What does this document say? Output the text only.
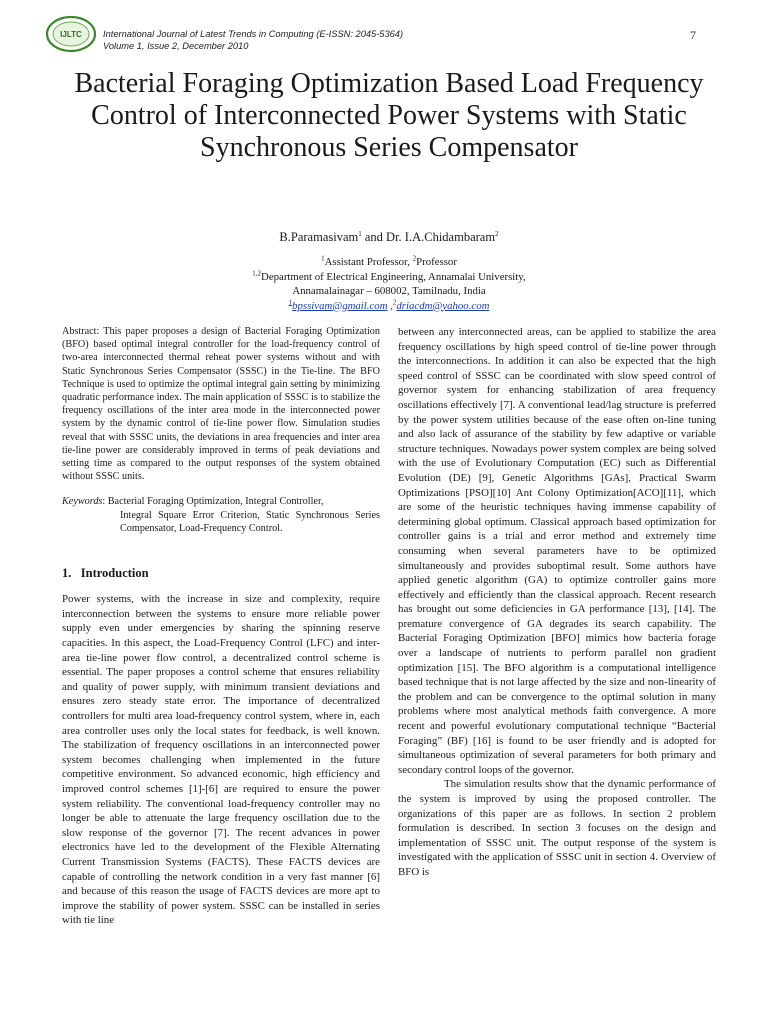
IJLTC International Journal of Latest Trends in Computing (E-ISSN: 2045-5364)
Volume 1, Issue 2, December 2010
7
Bacterial Foraging Optimization Based Load Frequency Control of Interconnected Power Systems with Static Synchronous Series Compensator
B.Paramasivam$^1$ and Dr. I.A.Chidambaram$^2$
$^1$Assistant Professor, $^2$Professor
$^{1,2}$Department of Electrical Engineering, Annamalai University,
Annamalainagar – 608002, Tamilnadu, India
$^1$bpssivam@gmail.com ,$^2$driacdm@yahoo.com

Abstract: This paper proposes a design of Bacterial Foraging Optimization (BFO) based optimal integral controller for the load-frequency control of two-area interconnected thermal reheat power systems without and with Static Synchronous Series Compensator (SSSC) in the Tie-line. The BFO Technique is used to optimize the optimal integral gain setting by minimizing quadratic performance index. The main application of SSSC is to stabilize the frequency oscillations of the inter area mode in the interconnected power system by the dynamic control of tie-line power flow. Simulation studies reveal that with SSSC units, the deviations in area frequencies and inter area tie-line power are considerably improved in terms of peak deviations and setting time as compared to the output responses of the system obtained without SSSC units.

Keywords: Bacterial Foraging Optimization, Integral Controller,
Integral Square Error Criterion, Static Synchronous Series Compensator, Load-Frequency Control.

1.   Introduction

Power systems, with the increase in size and complexity, require interconnection between the systems to ensure more reliable power supply even under emergencies by sharing the spinning reserve capacities. In this aspect, the Load-Frequency Control (LFC) and inter- area tie-line power flow control, a decentralized control scheme is essential. The paper proposes a control scheme that ensures reliability and quality of power supply, with minimum transient deviations and ensures zero steady state error. The importance of decentralized controllers for multi area load-frequency control system, where in, each area controller uses only the local states for feedback, is well known. The stabilization of frequency oscillations in an interconnected power system becomes challenging when implemented in the future competitive environment. So advanced economic, high efficiency and improved control schemes [1]-[6] are required to ensure the power system reliability. The conventional load-frequency controller may no longer be able to attenuate the large frequency oscillation due to the slow response of the governor [7]. The recent advances in power electronics have led to the development of the Flexible Alternating Current Transmission Systems (FACTS). These FACTS devices are capable of controlling the network condition in a very fast manner [6] and because of this reason the usage of FACTS devices are more apt to improve the stability of power system. SSSC can be installed in series with tie line

between any interconnected areas, can be applied to stabilize the area frequency oscillations by high speed control of tie-line power through the interconnections. In addition it can also be expected that the high speed control of SSSC can be coordinated with slow speed control of governor system for enhancing stabilization of area frequency oscillations effectively [7]. A conventional lead/lag structure is preferred by the power system utilities because of the ease often on-line tuning and also lack of assurance of the stability by few adaptive or variable structure techniques. Nowadays power system complex are being solved with the use of Evolutionary Computation (EC) such as Differential Evolution (DE) [9], Genetic Algorithms [GAs], Practical Swarm Optimizations [PSO][10] Ant Colony Optimization[ACO][11], which are some of the heuristic techniques having immense capability of determining global optimum. Classical approach based optimization for controller gains is a trial and error method and extremely time consuming when several parameters have to be optimized simultaneously and provides suboptimal result. Some authors have applied genetic algorithm (GA) to optimize controller gains more effectively and efficiently than the classical approach. Recent research has brought out some deficiencies in GA performance [13], [14]. The premature convergence of GA degrades its search capability. The Bacterial Foraging Optimization [BFO] mimics how bacteria forage over a landscape of nutrients to perform parallel non gradient optimization [15]. The BFO algorithm is a computational intelligence based technique that is not large affected by the size and non-linearity of the problem and can be convergence to the optimal solution in many problems where most analytical methods faith convergence. A more recent and powerful evolutionary computational technique “Bacterial Foraging” (BF) [16] is found to be user friendly and is adopted for simultaneous optimization of several parameters for both primary and secondary control loops of the governor.

The simulation results show that the dynamic performance of the system is improved by using the proposed controller. The organizations of this paper are as follows. In section 2 problem formulation is described. In section 3 focuses on the design and implementation of SSSC unit. The output response of the system is investigated with the application of SSSC unit in section 4. Overview of BFO is
